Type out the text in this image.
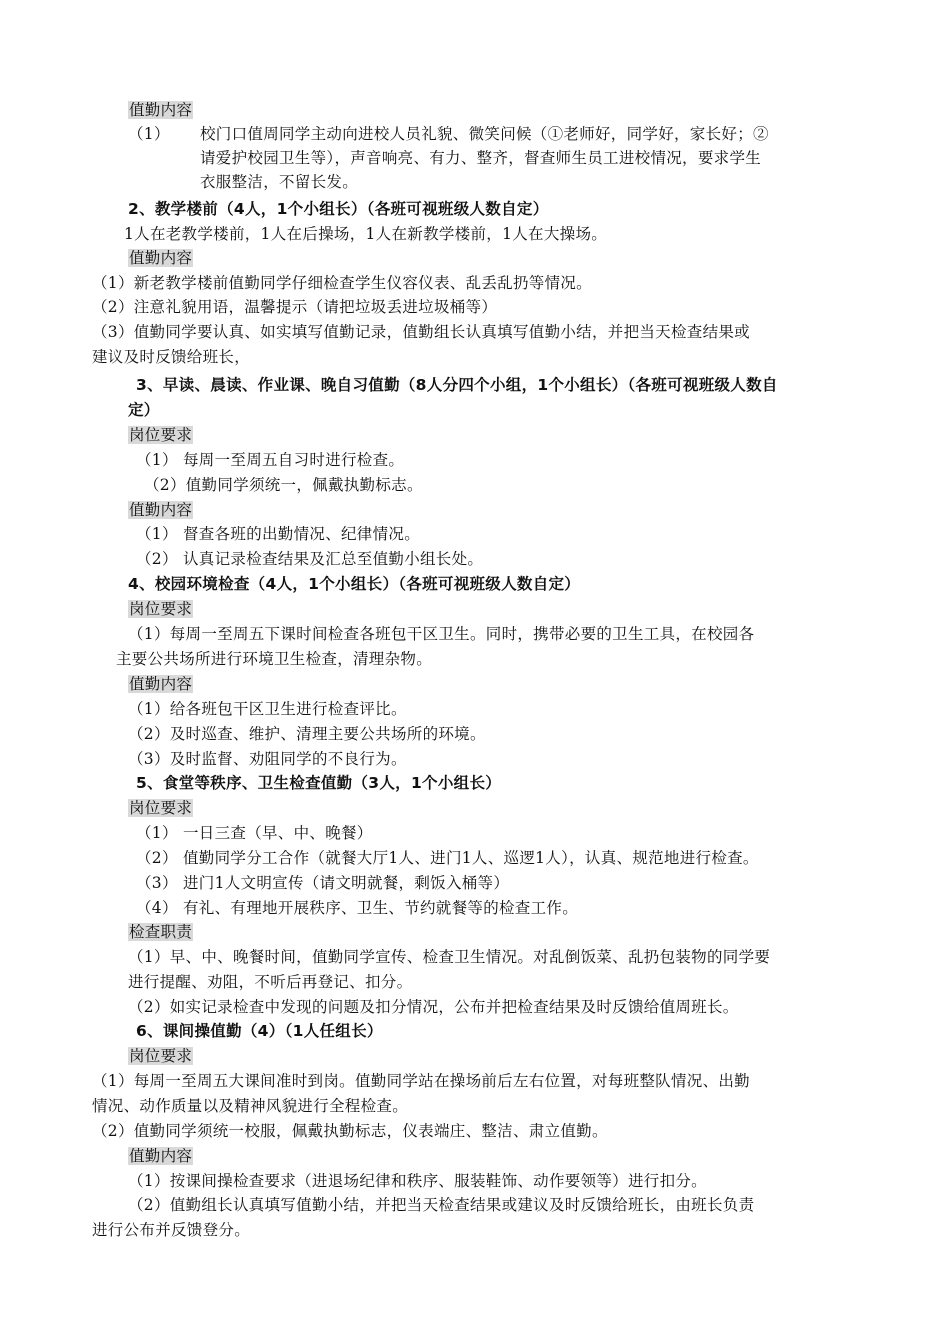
值勤内容
（1） 校门口值周同学主动向进校人员礼貌、微笑问候（①老师好，同学好，家长好；②
请爱护校园卫生等），声音响亮、有力、整齐，督查师生员工进校情况，要求学生
衣服整洁，不留长发。
2、教学楼前（4人，1个小组长）（各班可视班级人数自定）
1人在老教学楼前，1人在后操场，1人在新教学楼前，1人在大操场。
值勤内容
（1）新老教学楼前值勤同学仔细检查学生仪容仪表、乱丢乱扔等情况。
（2）注意礼貌用语，温馨提示（请把垃圾丢进垃圾桶等）
（3）值勤同学要认真、如实填写值勤记录，值勤组长认真填写值勤小结，并把当天检查结果或
建议及时反馈给班长，
3、早读、晨读、作业课、晚自习值勤（8人分四个小组，1个小组长）（各班可视班级人数自
定）
岗位要求
（1） 每周一至周五自习时进行检查。
（2）值勤同学须统一，佩戴执勤标志。
值勤内容
（1） 督查各班的出勤情况、纪律情况。
（2） 认真记录检查结果及汇总至值勤小组长处。
4、校园环境检查（4人，1个小组长）（各班可视班级人数自定）
岗位要求
（1）每周一至周五下课时间检查各班包干区卫生。同时，携带必要的卫生工具，在校园各
主要公共场所进行环境卫生检查，清理杂物。
值勤内容
（1）给各班包干区卫生进行检查评比。
（2）及时巡查、维护、清理主要公共场所的环境。
（3）及时监督、劝阻同学的不良行为。
5、食堂等秩序、卫生检查值勤（3人，1个小组长）
岗位要求
（1） 一日三查（早、中、晚餐）
（2） 值勤同学分工合作（就餐大厅1人、进门1人、巡逻1人），认真、规范地进行检查。
（3） 进门1人文明宣传（请文明就餐，剩饭入桶等）
（4） 有礼、有理地开展秩序、卫生、节约就餐等的检查工作。
检查职责
（1）早、中、晚餐时间，值勤同学宣传、检查卫生情况。对乱倒饭菜、乱扔包装物的同学要
进行提醒、劝阻，不听后再登记、扣分。
（2）如实记录检查中发现的问题及扣分情况，公布并把检查结果及时反馈给值周班长。
6、课间操值勤（4）（1人任组长）
岗位要求
（1）每周一至周五大课间准时到岗。值勤同学站在操场前后左右位置，对每班整队情况、出勤
情况、动作质量以及精神风貌进行全程检查。
（2）值勤同学须统一校服，佩戴执勤标志，仪表端庄、整洁、肃立值勤。
值勤内容
（1）按课间操检查要求（进退场纪律和秩序、服装鞋饰、动作要领等）进行扣分。
（2）值勤组长认真填写值勤小结，并把当天检查结果或建议及时反馈给班长，由班长负责
进行公布并反馈登分。
